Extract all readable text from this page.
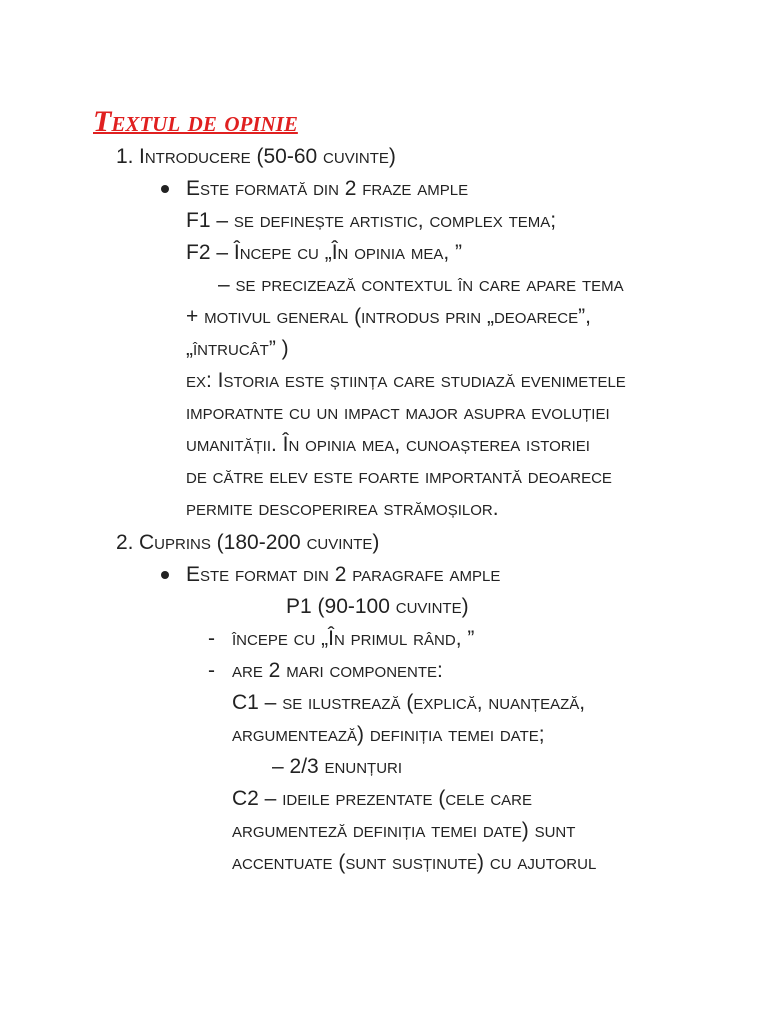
Textul de opinie
1. Introducere (50-60 cuvinte)
Este formată din 2 fraze ample
F1 – se definește artistic, complex tema;
F2 – Începe cu „În opinia mea, ”
– se precizează contextul în care apare tema
+ motivul general (introdus prin „deoarece”,
„întrucât” )
ex: Istoria este știința care studiază evenimetele
imporatnte cu un impact major asupra evoluției
umanității. În opinia mea, cunoașterea istoriei
de către elev este foarte importantă deoarece
permite descoperirea strămoșilor.
2. Cuprins (180-200 cuvinte)
Este format din 2 paragrafe ample
P1 (90-100 cuvinte)
- începe cu „În primul rând, ”
- are 2 mari componente:
C1 – se ilustrează (explică, nuanțează,
argumentează) definiția temei date;
– 2/3 enunțuri
C2 – ideile prezentate (cele care
argumenteză definiția temei date) sunt
accentuate (sunt susținute) cu ajutorul
